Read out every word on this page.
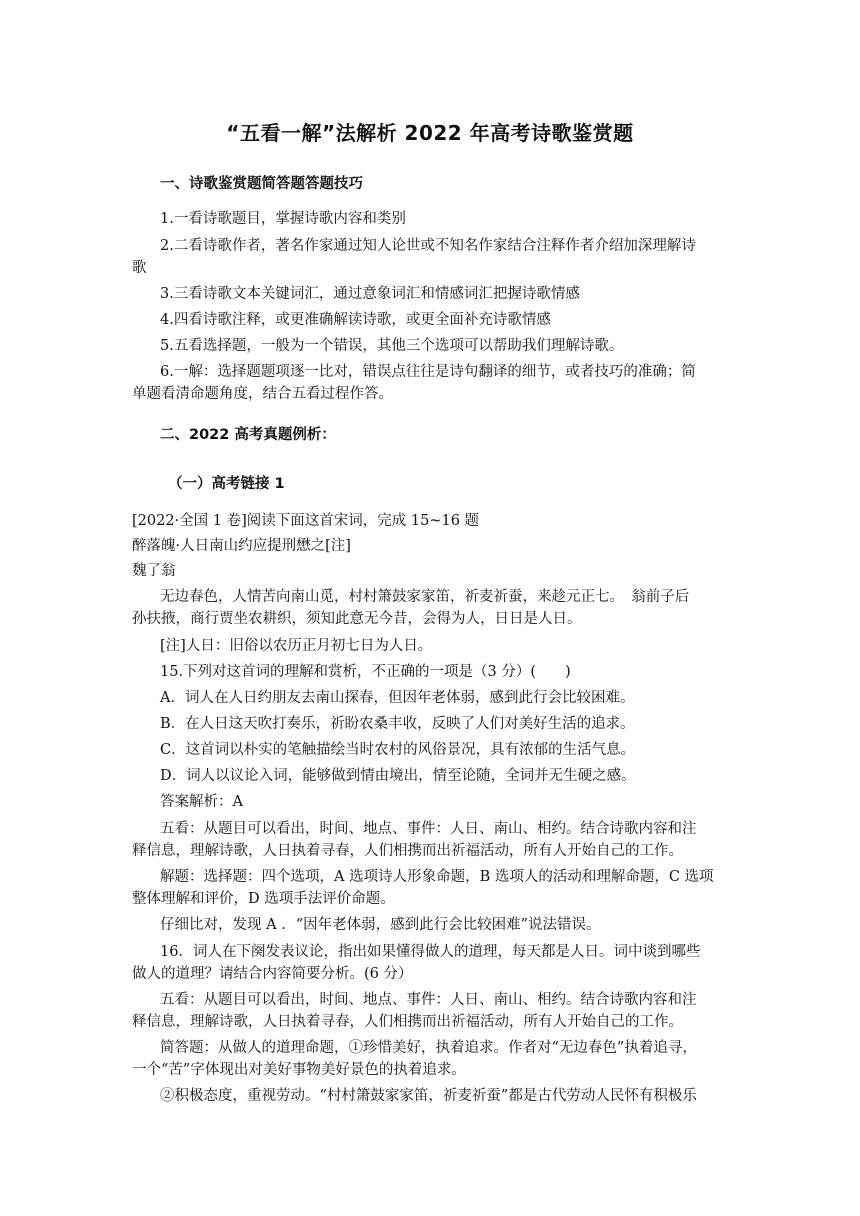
“五看一解”法解析 2022 年高考诗歌鉴赏题
一、诗歌鉴赏题简答题答题技巧
1.一看诗歌题目，掌握诗歌内容和类别
2.二看诗歌作者，著名作家通过知人论世或不知名作家结合注释作者介绍加深理解诗
歌
3.三看诗歌文本关键词汇，通过意象词汇和情感词汇把握诗歌情感
4.四看诗歌注释，或更准确解读诗歌，或更全面补充诗歌情感
5.五看选择题，一般为一个错误，其他三个选项可以帮助我们理解诗歌。
6.一解：选择题题项逐一比对，错误点往往是诗句翻译的细节，或者技巧的准确；简
单题看清命题角度，结合五看过程作答。
二、2022 高考真题例析：
（一）高考链接 1
[2022·全国 1 卷]阅读下面这首宋词，完成 15~16 题
醉落魄·人日南山约应提刑懋之[注]
魏了翁
无边春色，人情苦向南山觅，村村箫鼓家家笛，祈麦祈蚕，来趁元正七。　翁前子后
孙扶掖，商行贾坐农耕织，须知此意无今昔，会得为人，日日是人日。
[注]人日：旧俗以农历正月初七日为人日。
15.下列对这首词的理解和赏析，不正确的一项是（3 分）(　　)
A．词人在人日约朋友去南山探春，但因年老体弱，感到此行会比较困难。
B．在人日这天吹打奏乐，祈盼农桑丰收，反映了人们对美好生活的追求。
C．这首词以朴实的笔触描绘当时农村的风俗景况，具有浓郁的生活气息。
D．词人以议论入词，能够做到情由境出，情至论随，全词并无生硬之感。
答案解析：A
五看：从题目可以看出，时间、地点、事件：人日、南山、相约。结合诗歌内容和注
释信息，理解诗歌，人日执着寻春，人们相携而出祈福活动，所有人开始自己的工作。
解题：选择题：四个选项，A 选项诗人形象命题，B 选项人的活动和理解命题，C 选项
整体理解和评价，D 选项手法评价命题。
仔细比对，发现 A ．“因年老体弱，感到此行会比较困难”说法错误。
16．词人在下阕发表议论，指出如果懂得做人的道理，每天都是人日。词中谈到哪些
做人的道理？请结合内容简要分析。(6 分）
五看：从题目可以看出，时间、地点、事件：人日、南山、相约。结合诗歌内容和注
释信息，理解诗歌，人日执着寻春，人们相携而出祈福活动，所有人开始自己的工作。
简答题：从做人的道理命题，①珍惜美好，执着追求。作者对“无边春色”执着追寻，
一个“苦”字体现出对美好事物美好景色的执着追求。
②积极态度，重视劳动。“村村箫鼓家家笛，祈麦祈蚕”都是古代劳动人民怀有积极乐
